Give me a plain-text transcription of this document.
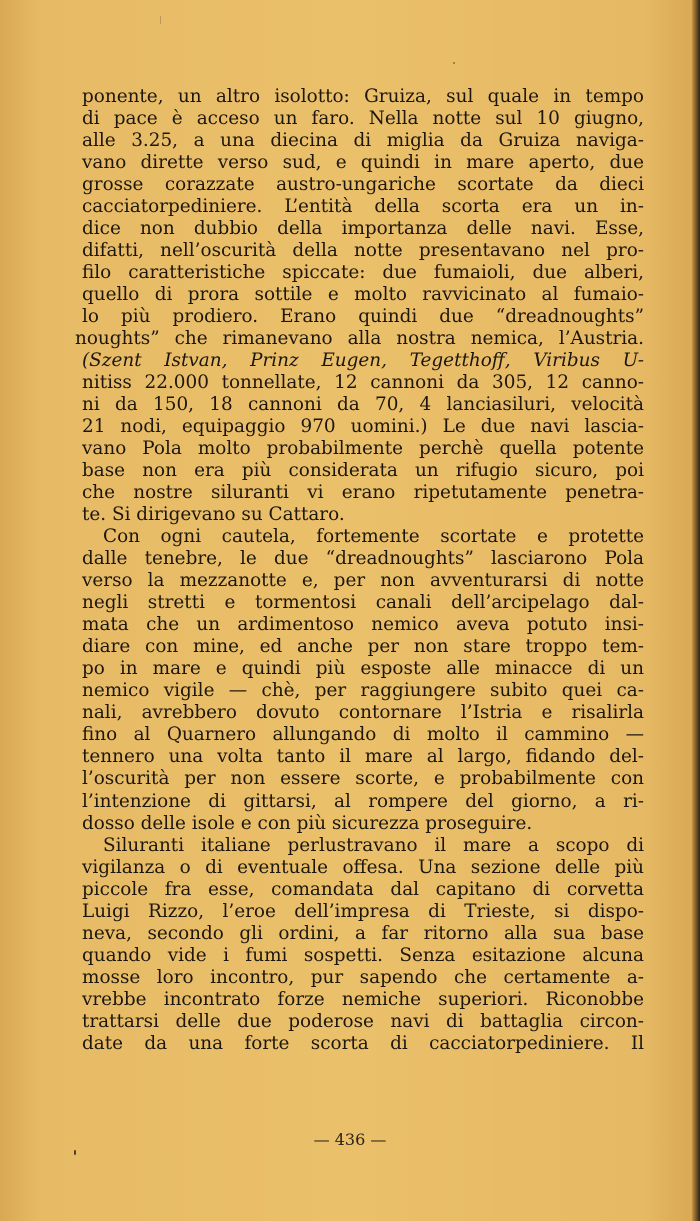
ponente, un altro isolotto: Gruiza, sul quale in tempo
di pace è acceso un faro. Nella notte sul 10 giugno,
alle 3.25, a una diecina di miglia da Gruiza naviga-
vano dirette verso sud, e quindi in mare aperto, due
grosse corazzate austro-ungariche scortate da dieci
cacciatorpediniere. L’entità della scorta era un in-
dice non dubbio della importanza delle navi. Esse,
difatti, nell’oscurità della notte presentavano nel pro-
filo caratteristiche spiccate: due fumaioli, due alberi,
quello di prora sottile e molto ravvicinato al fumaio-
lo più prodiero. Erano quindi due “dreadnoughts”
noughts” che rimanevano alla nostra nemica, l’Austria.
(Szent Istvan, Prinz Eugen, Tegetthoff, Viribus U-
nitiss 22.000 tonnellate, 12 cannoni da 305, 12 canno-
ni da 150, 18 cannoni da 70, 4 lanciasiluri, velocità
21 nodi, equipaggio 970 uomini.) Le due navi lascia-
vano Pola molto probabilmente perchè quella potente
base non era più considerata un rifugio sicuro, poi
che nostre siluranti vi erano ripetutamente penetra-
te. Si dirigevano su Cattaro.
Con ogni cautela, fortemente scortate e protette
dalle tenebre, le due “dreadnoughts” lasciarono Pola
verso la mezzanotte e, per non avventurarsi di notte
negli stretti e tormentosi canali dell’arcipelago dal-
mata che un ardimentoso nemico aveva potuto insi-
diare con mine, ed anche per non stare troppo tem-
po in mare e quindi più esposte alle minacce di un
nemico vigile — chè, per raggiungere subito quei ca-
nali, avrebbero dovuto contornare l’Istria e risalirla
fino al Quarnero allungando di molto il cammino —
tennero una volta tanto il mare al largo, fidando del-
l’oscurità per non essere scorte, e probabilmente con
l’intenzione di gittarsi, al rompere del giorno, a ri-
dosso delle isole e con più sicurezza proseguire.
Siluranti italiane perlustravano il mare a scopo di
vigilanza o di eventuale offesa. Una sezione delle più
piccole fra esse, comandata dal capitano di corvetta
Luigi Rizzo, l’eroe dell’impresa di Trieste, si dispo-
neva, secondo gli ordini, a far ritorno alla sua base
quando vide i fumi sospetti. Senza esitazione alcuna
mosse loro incontro, pur sapendo che certamente a-
vrebbe incontrato forze nemiche superiori. Riconobbe
trattarsi delle due poderose navi di battaglia circon-
date da una forte scorta di cacciatorpediniere. Il
— 436 —
